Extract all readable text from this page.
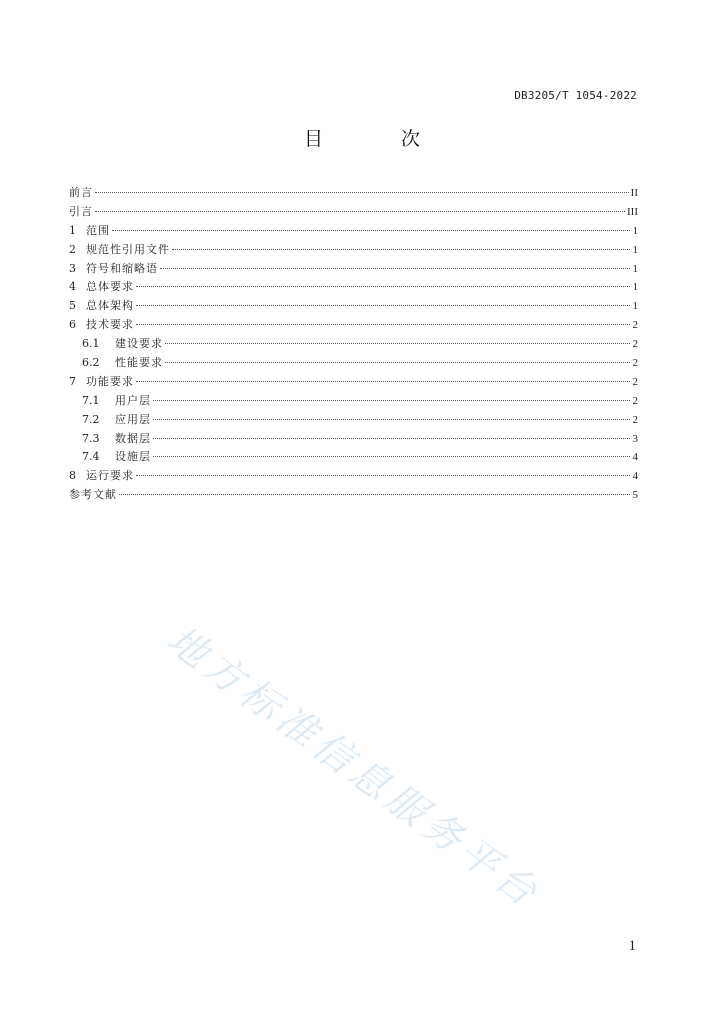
DB3205/T 1054-2022
目 次
前言	II
引言	III
1 范围	1
2 规范性引用文件	1
3 符号和缩略语	1
4 总体要求	1
5 总体架构	1
6 技术要求	2
6.1	建设要求	2
6.2	性能要求	2
7 功能要求	2
7.1	用户层	2
7.2	应用层	2
7.3	数据层	3
7.4	设施层	4
8 运行要求	4
参考文献	5
地方标准信息服务平台
1
